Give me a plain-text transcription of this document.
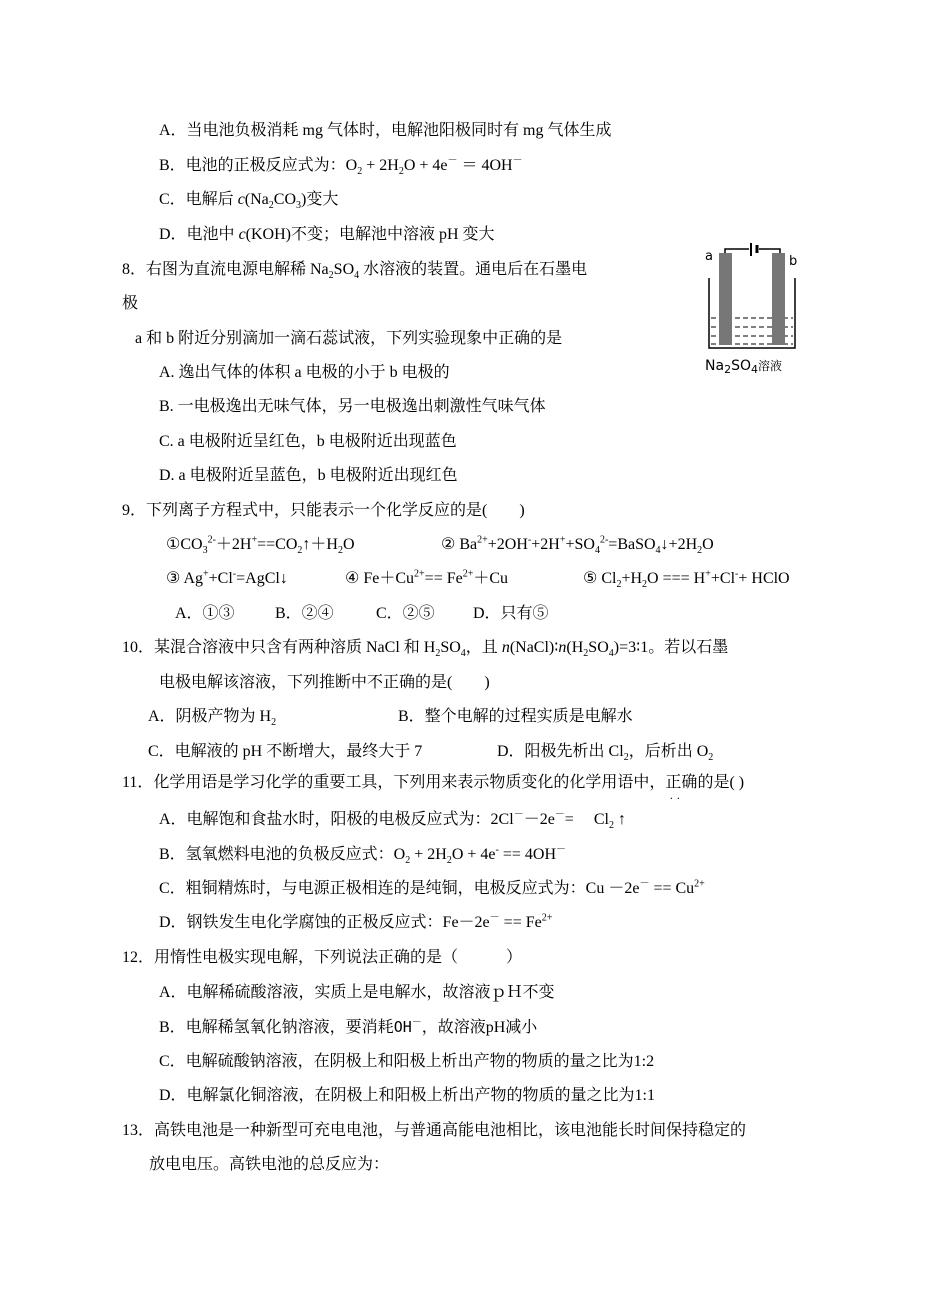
A．当电池负极消耗 mg 气体时，电解池阳极同时有 mg 气体生成
B．电池的正极反应式为：$O_2 + 2H_2O + 4e^- = 4OH^-$
C．电解后 $c(Na_2CO_3)$变大
D．电池中 c(KOH)不变；电解池中溶液 pH 变大
8．右图为直流电源电解稀 $Na_2SO_4$ 水溶液的装置。通电后在石墨电
极
a 和 b 附近分别滴加一滴石蕊试液，下列实验现象中正确的是
A. 逸出气体的体积 a 电极的小于 b 电极的
B. 一电极逸出无味气体，另一电极逸出刺激性气味气体
C. a 电极附近呈红色，b 电极附近出现蓝色
D. a 电极附近呈蓝色，b 电极附近出现红色
a	b
$Na_2SO_4$溶液
9．下列离子方程式中，只能表示一个化学反应的是(　　)
$①CO_3^{2-}+2H^+==CO_2↑+H_2O$	② $Ba^{2+}+2OH^-+2H^++SO_4^{2-}=BaSO_4↓+2H_2O$
③ Ag++Cl-=AgCl↓	④ $Fe+Cu^{2+}== Fe^{2+}+Cu$	⑤ $Cl_2+H_2O$ === H++Cl-+ HClO
A．①③	B．②④	C．②⑤ D．只有⑤
10．某混合溶液中只含有两种溶质 NaCl 和 $H_2SO_4$，且 $n(NaCl)∶n(H_2SO_4)=3∶1$。若以石墨
电极电解该溶液，下列推断中不正确的是(　　)
A．阴极产物为 $H_2$	B．整个电解的过程实质是电解水
C．电解液的 pH 不断增大，最终大于 7	D．阳极先析出 $Cl_2$，后析出 $O_2$
11．化学用语是学习化学的重要工具，下列用来表示物质变化的化学用语中，正确 · ·的是( )
A．电解饱和食盐水时，阳极的电极反应式为：2Cl－－2e－=　 $Cl_2$ ↑
B．氢氧燃料电池的负极反应式：$O_2 + 2H_2O + 4e^- == 4OH^-$
C．粗铜精炼时，与电源正极相连的是纯铜，电极反应式为：$Cu -2e^- == Cu^{2+}$
D．钢铁发生电化学腐蚀的正极反应式：$Fe-2e^- == Fe^{2+}$
12．用惰性电极实现电解，下列说法正确的是（　　　）
A．电解稀硫酸溶液，实质上是电解水，故溶液ｐＨ不变
B．电解稀氢氧化钠溶液，要消耗OH－，故溶液pH减小
C．电解硫酸钠溶液，在阴极上和阳极上析出产物的物质的量之比为1:2
D．电解氯化铜溶液，在阴极上和阳极上析出产物的物质的量之比为1:1
13．高铁电池是一种新型可充电电池，与普通高能电池相比，该电池能长时间保持稳定的
放电电压。高铁电池的总反应为：
